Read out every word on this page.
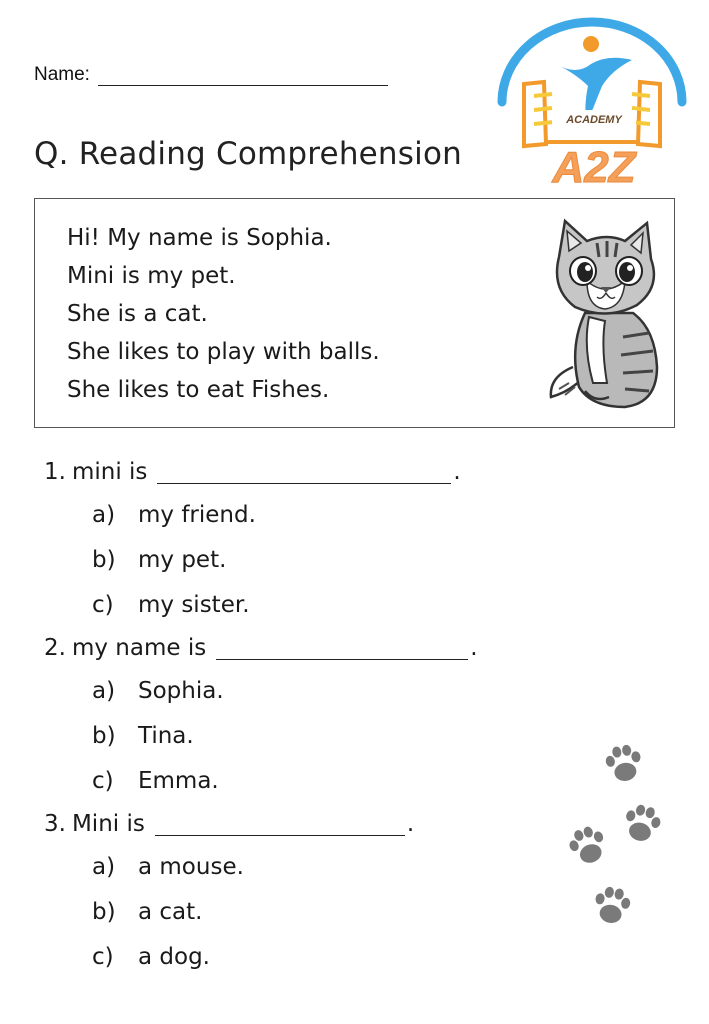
Name:
Q. Reading Comprehension
ACADEMY
A2Z
Hi! My name is Sophia.
Mini is my pet.
She is a cat.
She likes to play with balls.
She likes to eat Fishes.
1. mini is	.
a) my friend.
b) my pet.
c) my sister.
2. my name is	.
a) Sophia.
b) Tina.
c) Emma.
3. Mini is	.
a) a mouse.
b) a cat.
c) a dog.
